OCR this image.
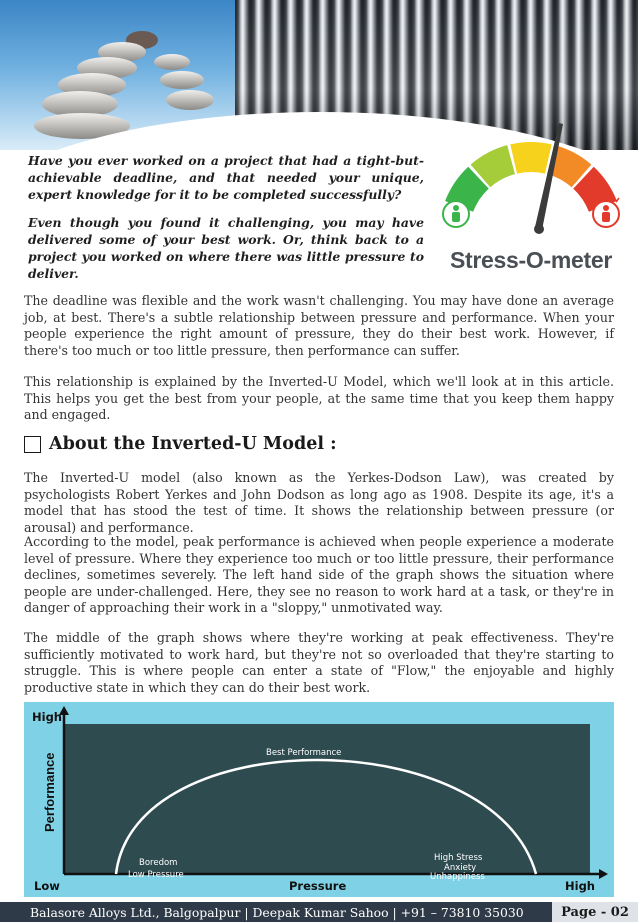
Have you ever worked on a project that had a tight-but-achievable deadline, and that needed your unique, expert knowledge for it to be completed successfully?

Even though you found it challenging, you may have delivered some of your best work. Or, think back to a project you worked on where there was little pressure to deliver.

Stress-O-meter

The deadline was flexible and the work wasn't challenging. You may have done an average job, at best. There's a subtle relationship between pressure and performance. When your people experience the right amount of pressure, they do their best work. However, if there's too much or too little pressure, then performance can suffer.

This relationship is explained by the Inverted-U Model, which we'll look at in this article. This helps you get the best from your people, at the same time that you keep them happy and engaged.

About the Inverted-U Model :

The Inverted-U model (also known as the Yerkes-Dodson Law), was created by psychologists Robert Yerkes and John Dodson as long ago as 1908. Despite its age, it's a model that has stood the test of time. It shows the relationship between pressure (or arousal) and performance.

According to the model, peak performance is achieved when people experience a moderate level of pressure. Where they experience too much or too little pressure, their performance declines, sometimes severely. The left hand side of the graph shows the situation where people are under-challenged. Here, they see no reason to work hard at a task, or they're in danger of approaching their work in a "sloppy," unmotivated way.

The middle of the graph shows where they're working at peak effectiveness. They're sufficiently motivated to work hard, but they're not so overloaded that they're starting to struggle. This is where people can enter a state of "Flow," the enjoyable and highly productive state in which they can do their best work.

High
Performance
Low	Pressure	High
Best Performance
Boredom
Low Pressure
High Stress
Anxiety
Unhappiness
Balasore Alloys Ltd., Balgopalpur | Deepak Kumar Sahoo | +91 – 73810 35030	Page - 02
